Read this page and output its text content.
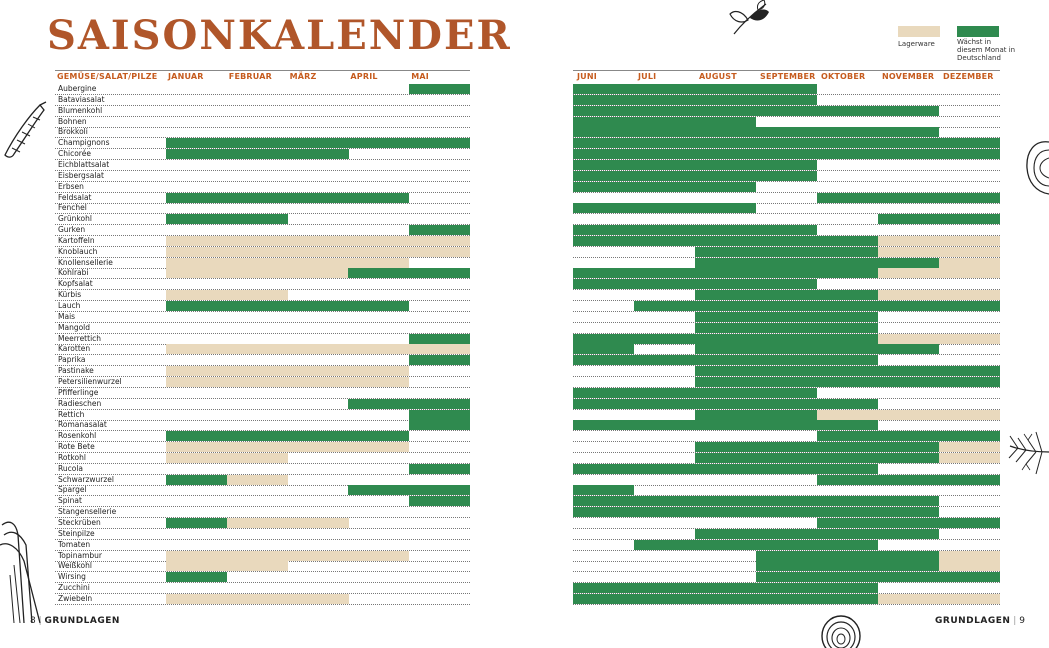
SAISONKALENDER	Lagerware	Wächst in
diesem Monat in
Deutschland
GEMÜSE/SALAT/PILZE JANUAR	FEBRUAR MÄRZ	APRIL	MAI	JUNI	JULI	AUGUST	SEPTEMBER OKTOBER NOVEMBER DEZEMBER
Aubergine
Bataviasalat
Blumenkohl
Bohnen
Brokkoli
Champignons
Chicorée
Eichblattsalat
Eisbergsalat
Erbsen
Feldsalat
Fenchel
Grünkohl
Gurken
Kartoffeln
Knoblauch
Knollensellerie
Kohlrabi
Kopfsalat
Kürbis
Lauch
Mais
Mangold
Meerrettich
Karotten
Paprika
Pastinake
Petersilienwurzel
Pfifferlinge
Radieschen
Rettich
Romanasalat
Rosenkohl
Rote Bete
Rotkohl
Rucola
Schwarzwurzel
Spargel
Spinat
Stangensellerie
Steckrüben
Steinpilze
Tomaten
Topinambur
Weißkohl
Wirsing
Zucchini
Zwiebeln
8 | GRUNDLAGEN	GRUNDLAGEN | 9
